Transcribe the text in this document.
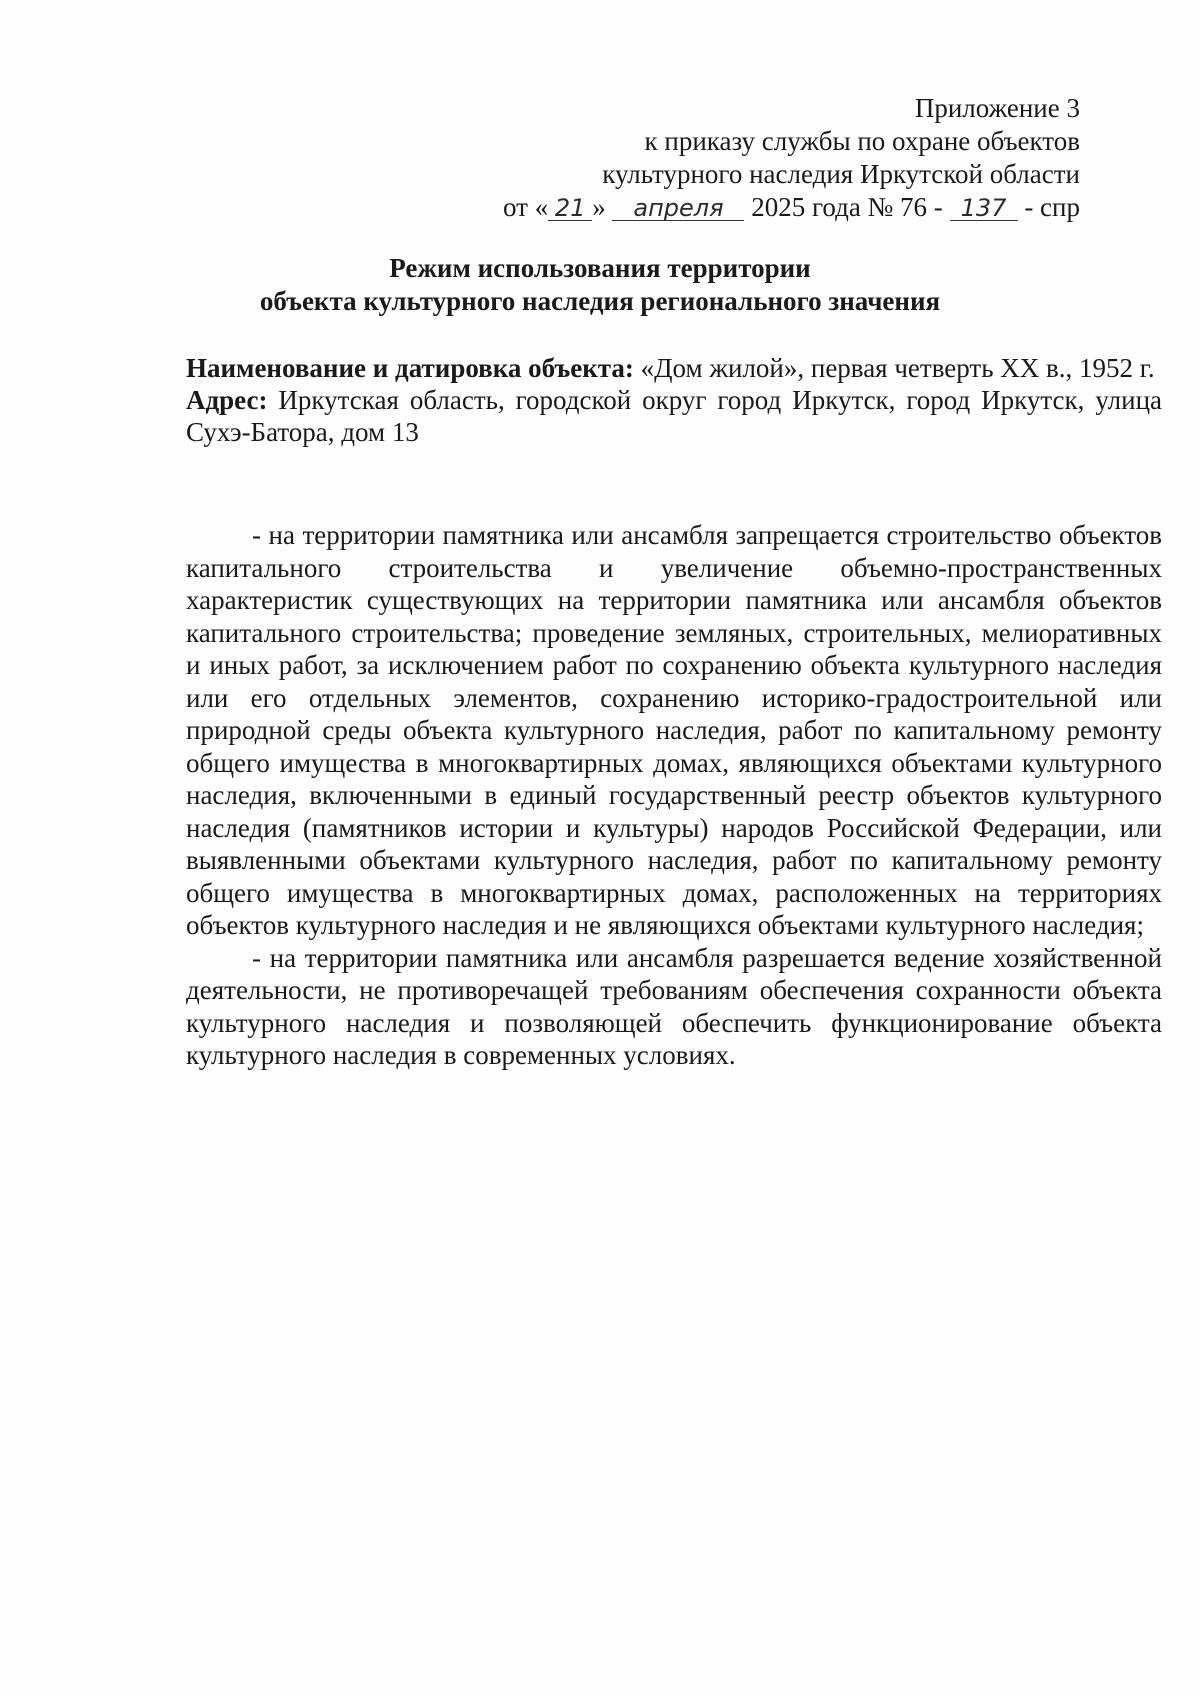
Приложение 3
к приказу службы по охране объектов
культурного наследия Иркутской области
от « 21 » апреля 2025 года № 76 - 137 - спр
Режим использования территории
объекта культурного наследия регионального значения

Наименование и датировка объекта: «Дом жилой», первая четверть XX в., 1952 г.

Адрес: Иркутская область, городской округ город Иркутск, город Иркутск, улица Сухэ-Батора, дом 13

- на территории памятника или ансамбля запрещается строительство объектов капитального строительства и увеличение объемно-пространственных характеристик существующих на территории памятника или ансамбля объектов капитального строительства; проведение земляных, строительных, мелиоративных и иных работ, за исключением работ по сохранению объекта культурного наследия или его отдельных элементов, сохранению историко-градостроительной или природной среды объекта культурного наследия, работ по капитальному ремонту общего имущества в многоквартирных домах, являющихся объектами культурного наследия, включенными в единый государственный реестр объектов культурного наследия (памятников истории и культуры) народов Российской Федерации, или выявленными объектами культурного наследия, работ по капитальному ремонту общего имущества в многоквартирных домах, расположенных на территориях объектов культурного наследия и не являющихся объектами культурного наследия;

- на территории памятника или ансамбля разрешается ведение хозяйственной деятельности, не противоречащей требованиям обеспечения сохранности объекта культурного наследия и позволяющей обеспечить функционирование объекта культурного наследия в современных условиях.
